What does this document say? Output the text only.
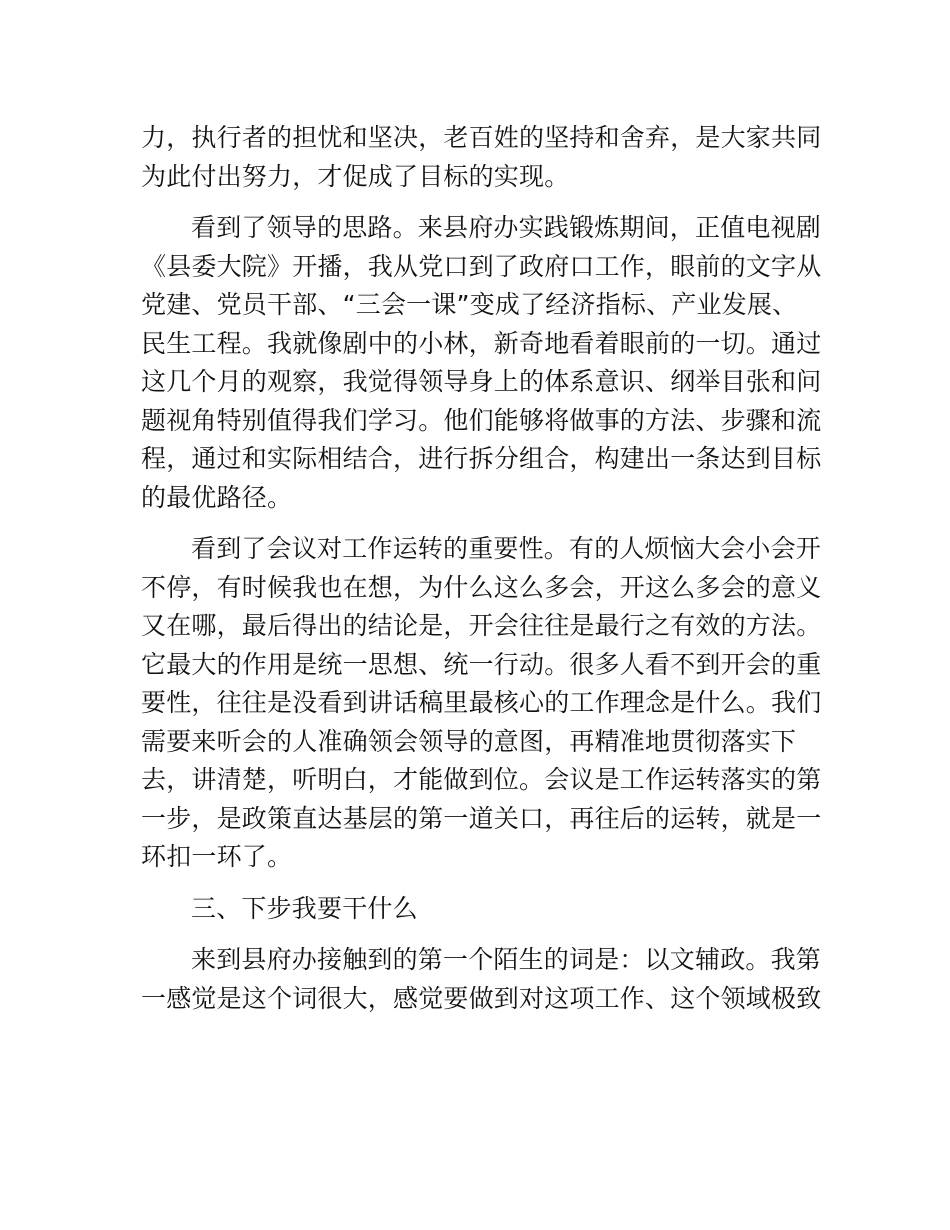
力，执行者的担忧和坚决，老百姓的坚持和舍弃，是大家共同
为此付出努力，才促成了目标的实现。
看到了领导的思路。来县府办实践锻炼期间，正值电视剧
《县委大院》开播，我从党口到了政府口工作，眼前的文字从
党建、党员干部、“三会一课”变成了经济指标、产业发展、
民生工程。我就像剧中的小林，新奇地看着眼前的一切。通过
这几个月的观察，我觉得领导身上的体系意识、纲举目张和问
题视角特别值得我们学习。他们能够将做事的方法、步骤和流
程，通过和实际相结合，进行拆分组合，构建出一条达到目标
的最优路径。
看到了会议对工作运转的重要性。有的人烦恼大会小会开
不停，有时候我也在想，为什么这么多会，开这么多会的意义
又在哪，最后得出的结论是，开会往往是最行之有效的方法。
它最大的作用是统一思想、统一行动。很多人看不到开会的重
要性，往往是没看到讲话稿里最核心的工作理念是什么。我们
需要来听会的人准确领会领导的意图，再精准地贯彻落实下
去，讲清楚，听明白，才能做到位。会议是工作运转落实的第
一步，是政策直达基层的第一道关口，再往后的运转，就是一
环扣一环了。
三、下步我要干什么
来到县府办接触到的第一个陌生的词是：以文辅政。我第
一感觉是这个词很大，感觉要做到对这项工作、这个领域极致
